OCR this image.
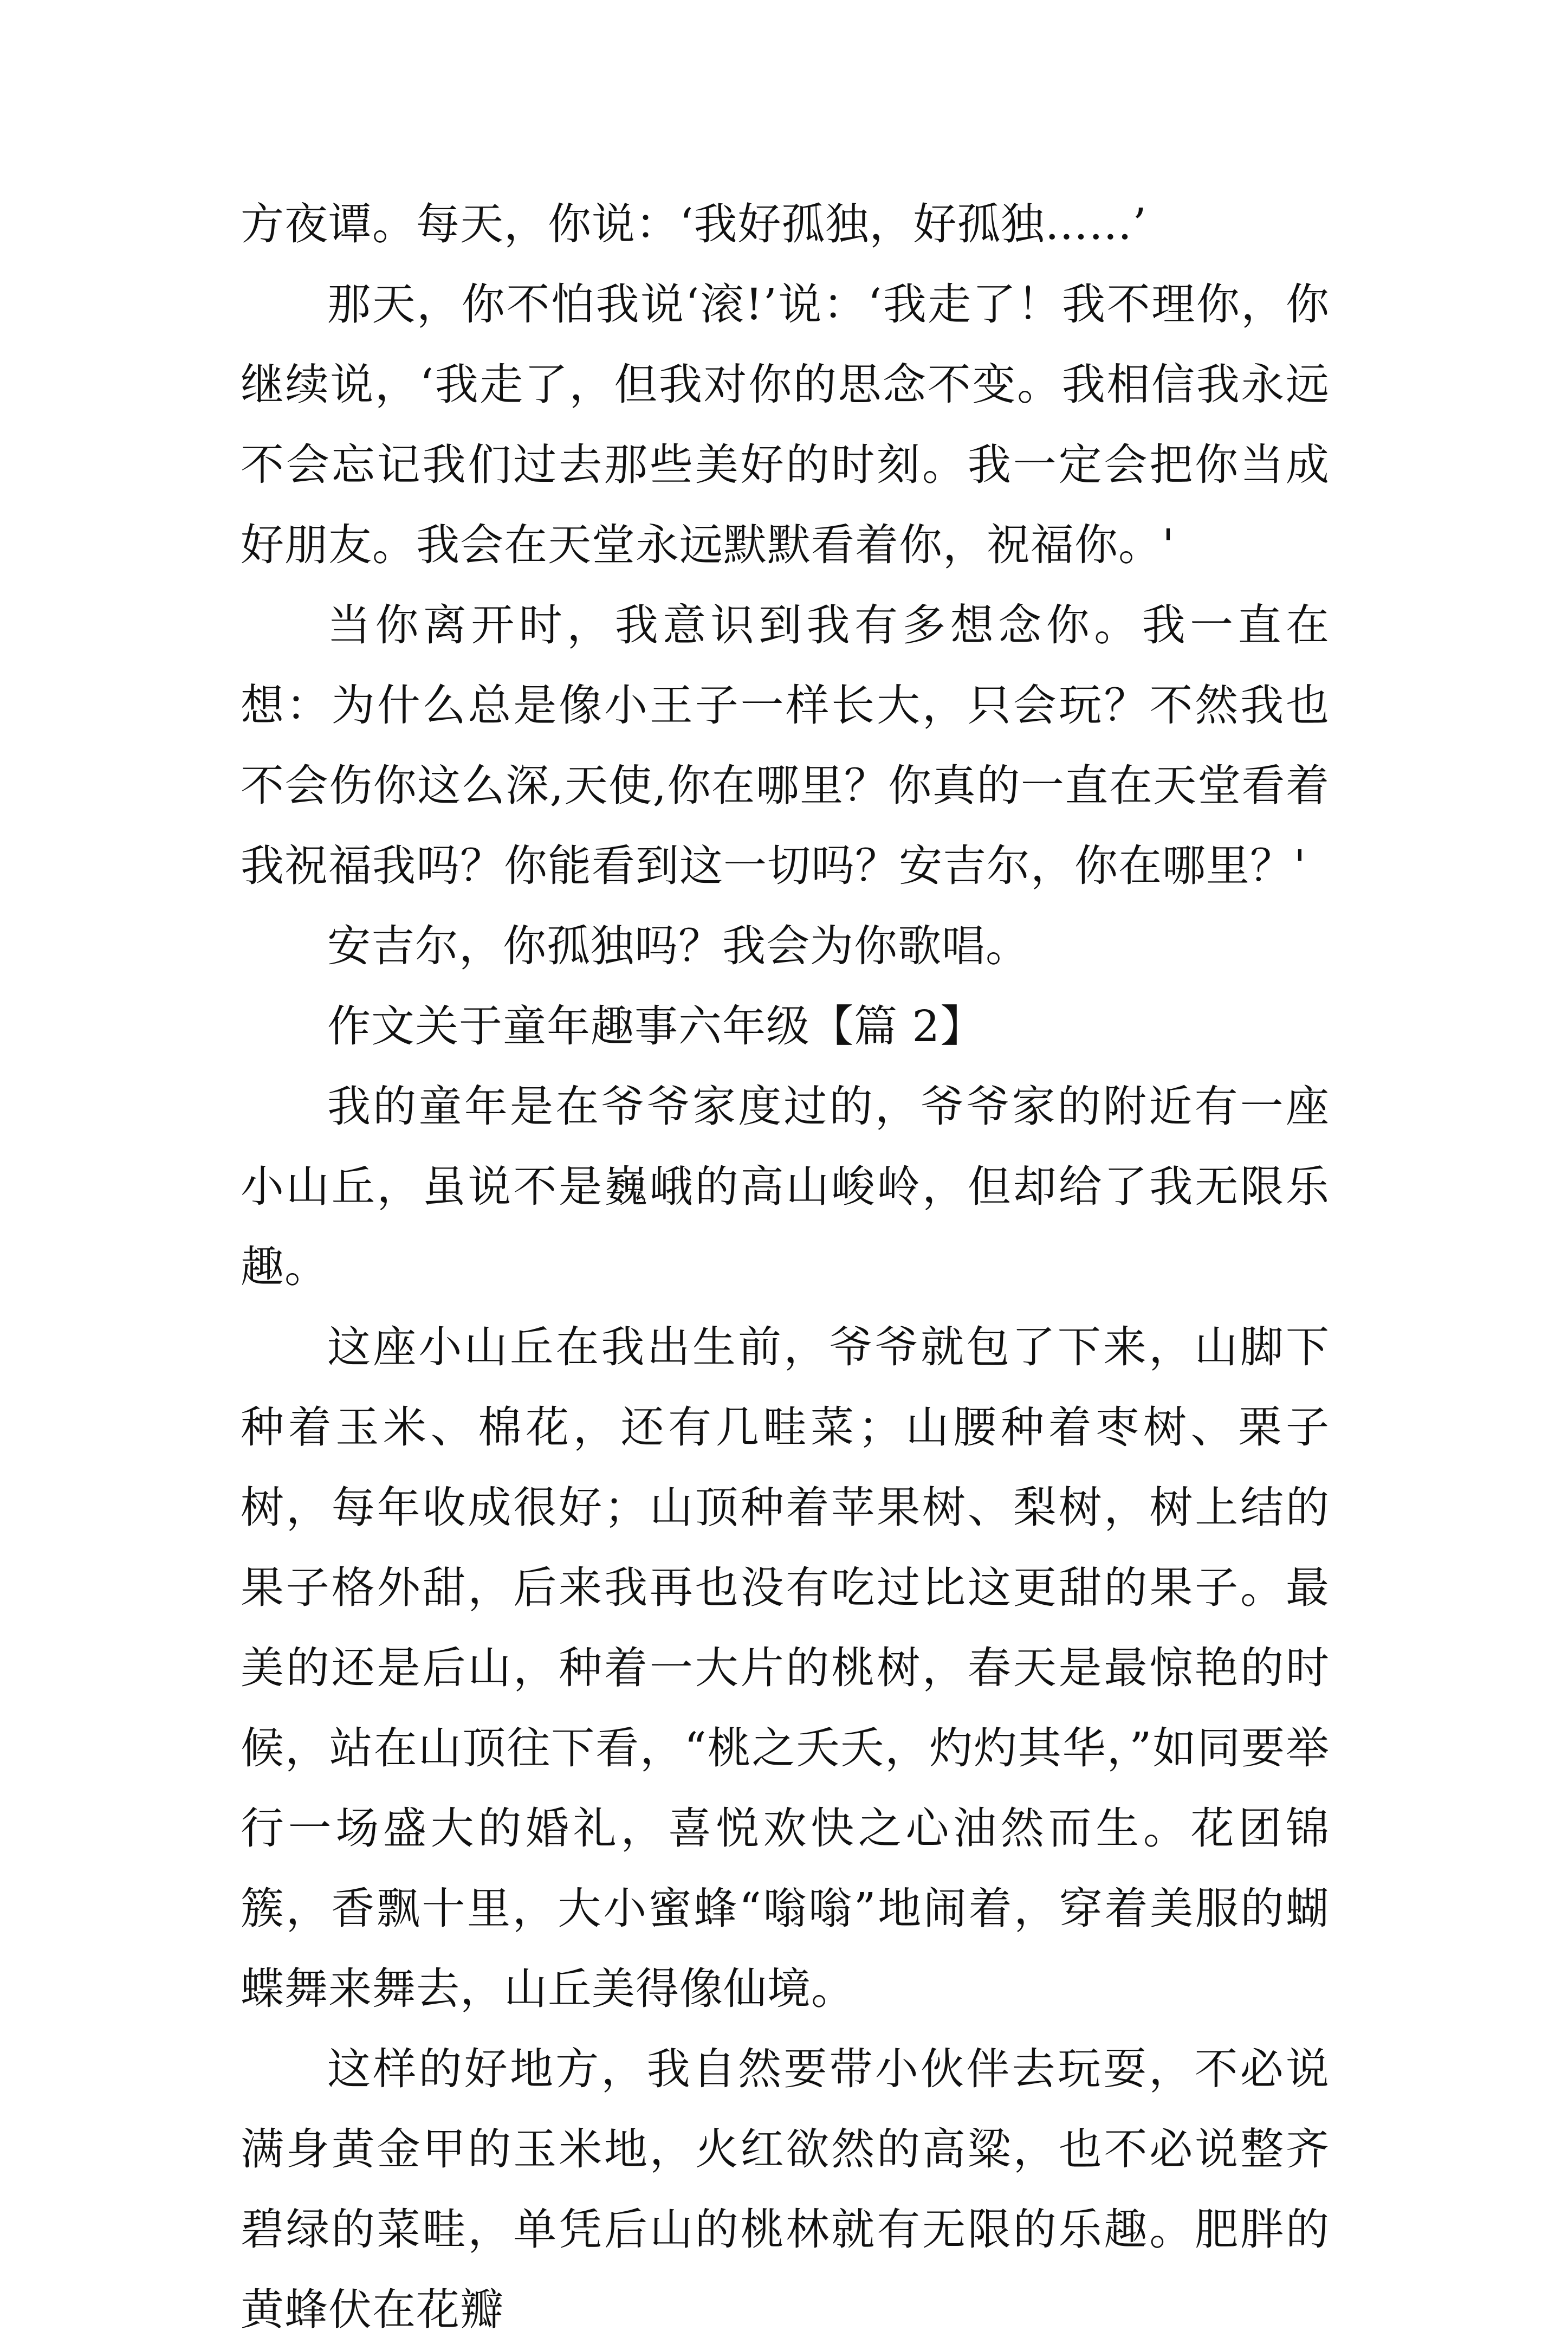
方夜谭。每天，你说：‘我好孤独，好孤独……’

那天，你不怕我说‘滚!’说：‘我走了！我不理你，你继续说，‘我走了，但我对你的思念不变。我相信我永远不会忘记我们过去那些美好的时刻。我一定会把你当成好朋友。我会在天堂永远默默看着你，祝福你。'

当你离开时，我意识到我有多想念你。我一直在想：为什么总是像小王子一样长大，只会玩？不然我也不会伤你这么深,天使,你在哪里？你真的一直在天堂看着我祝福我吗？你能看到这一切吗？安吉尔，你在哪里？'

安吉尔，你孤独吗？我会为你歌唱。

作文关于童年趣事六年级【篇 2】

我的童年是在爷爷家度过的，爷爷家的附近有一座小山丘，虽说不是巍峨的高山峻岭，但却给了我无限乐趣。

这座小山丘在我出生前，爷爷就包了下来，山脚下种着玉米、棉花，还有几畦菜；山腰种着枣树、栗子树，每年收成很好；山顶种着苹果树、梨树，树上结的果子格外甜，后来我再也没有吃过比这更甜的果子。最美的还是后山，种着一大片的桃树，春天是最惊艳的时候，站在山顶往下看，“桃之夭夭，灼灼其华，”如同要举行一场盛大的婚礼，喜悦欢快之心油然而生。花团锦簇，香飘十里，大小蜜蜂“嗡嗡”地闹着，穿着美服的蝴蝶舞来舞去，山丘美得像仙境。

这样的好地方，我自然要带小伙伴去玩耍，不必说满身黄金甲的玉米地，火红欲然的高粱，也不必说整齐碧绿的菜畦，单凭后山的桃林就有无限的乐趣。肥胖的黄蜂伏在花瓣
